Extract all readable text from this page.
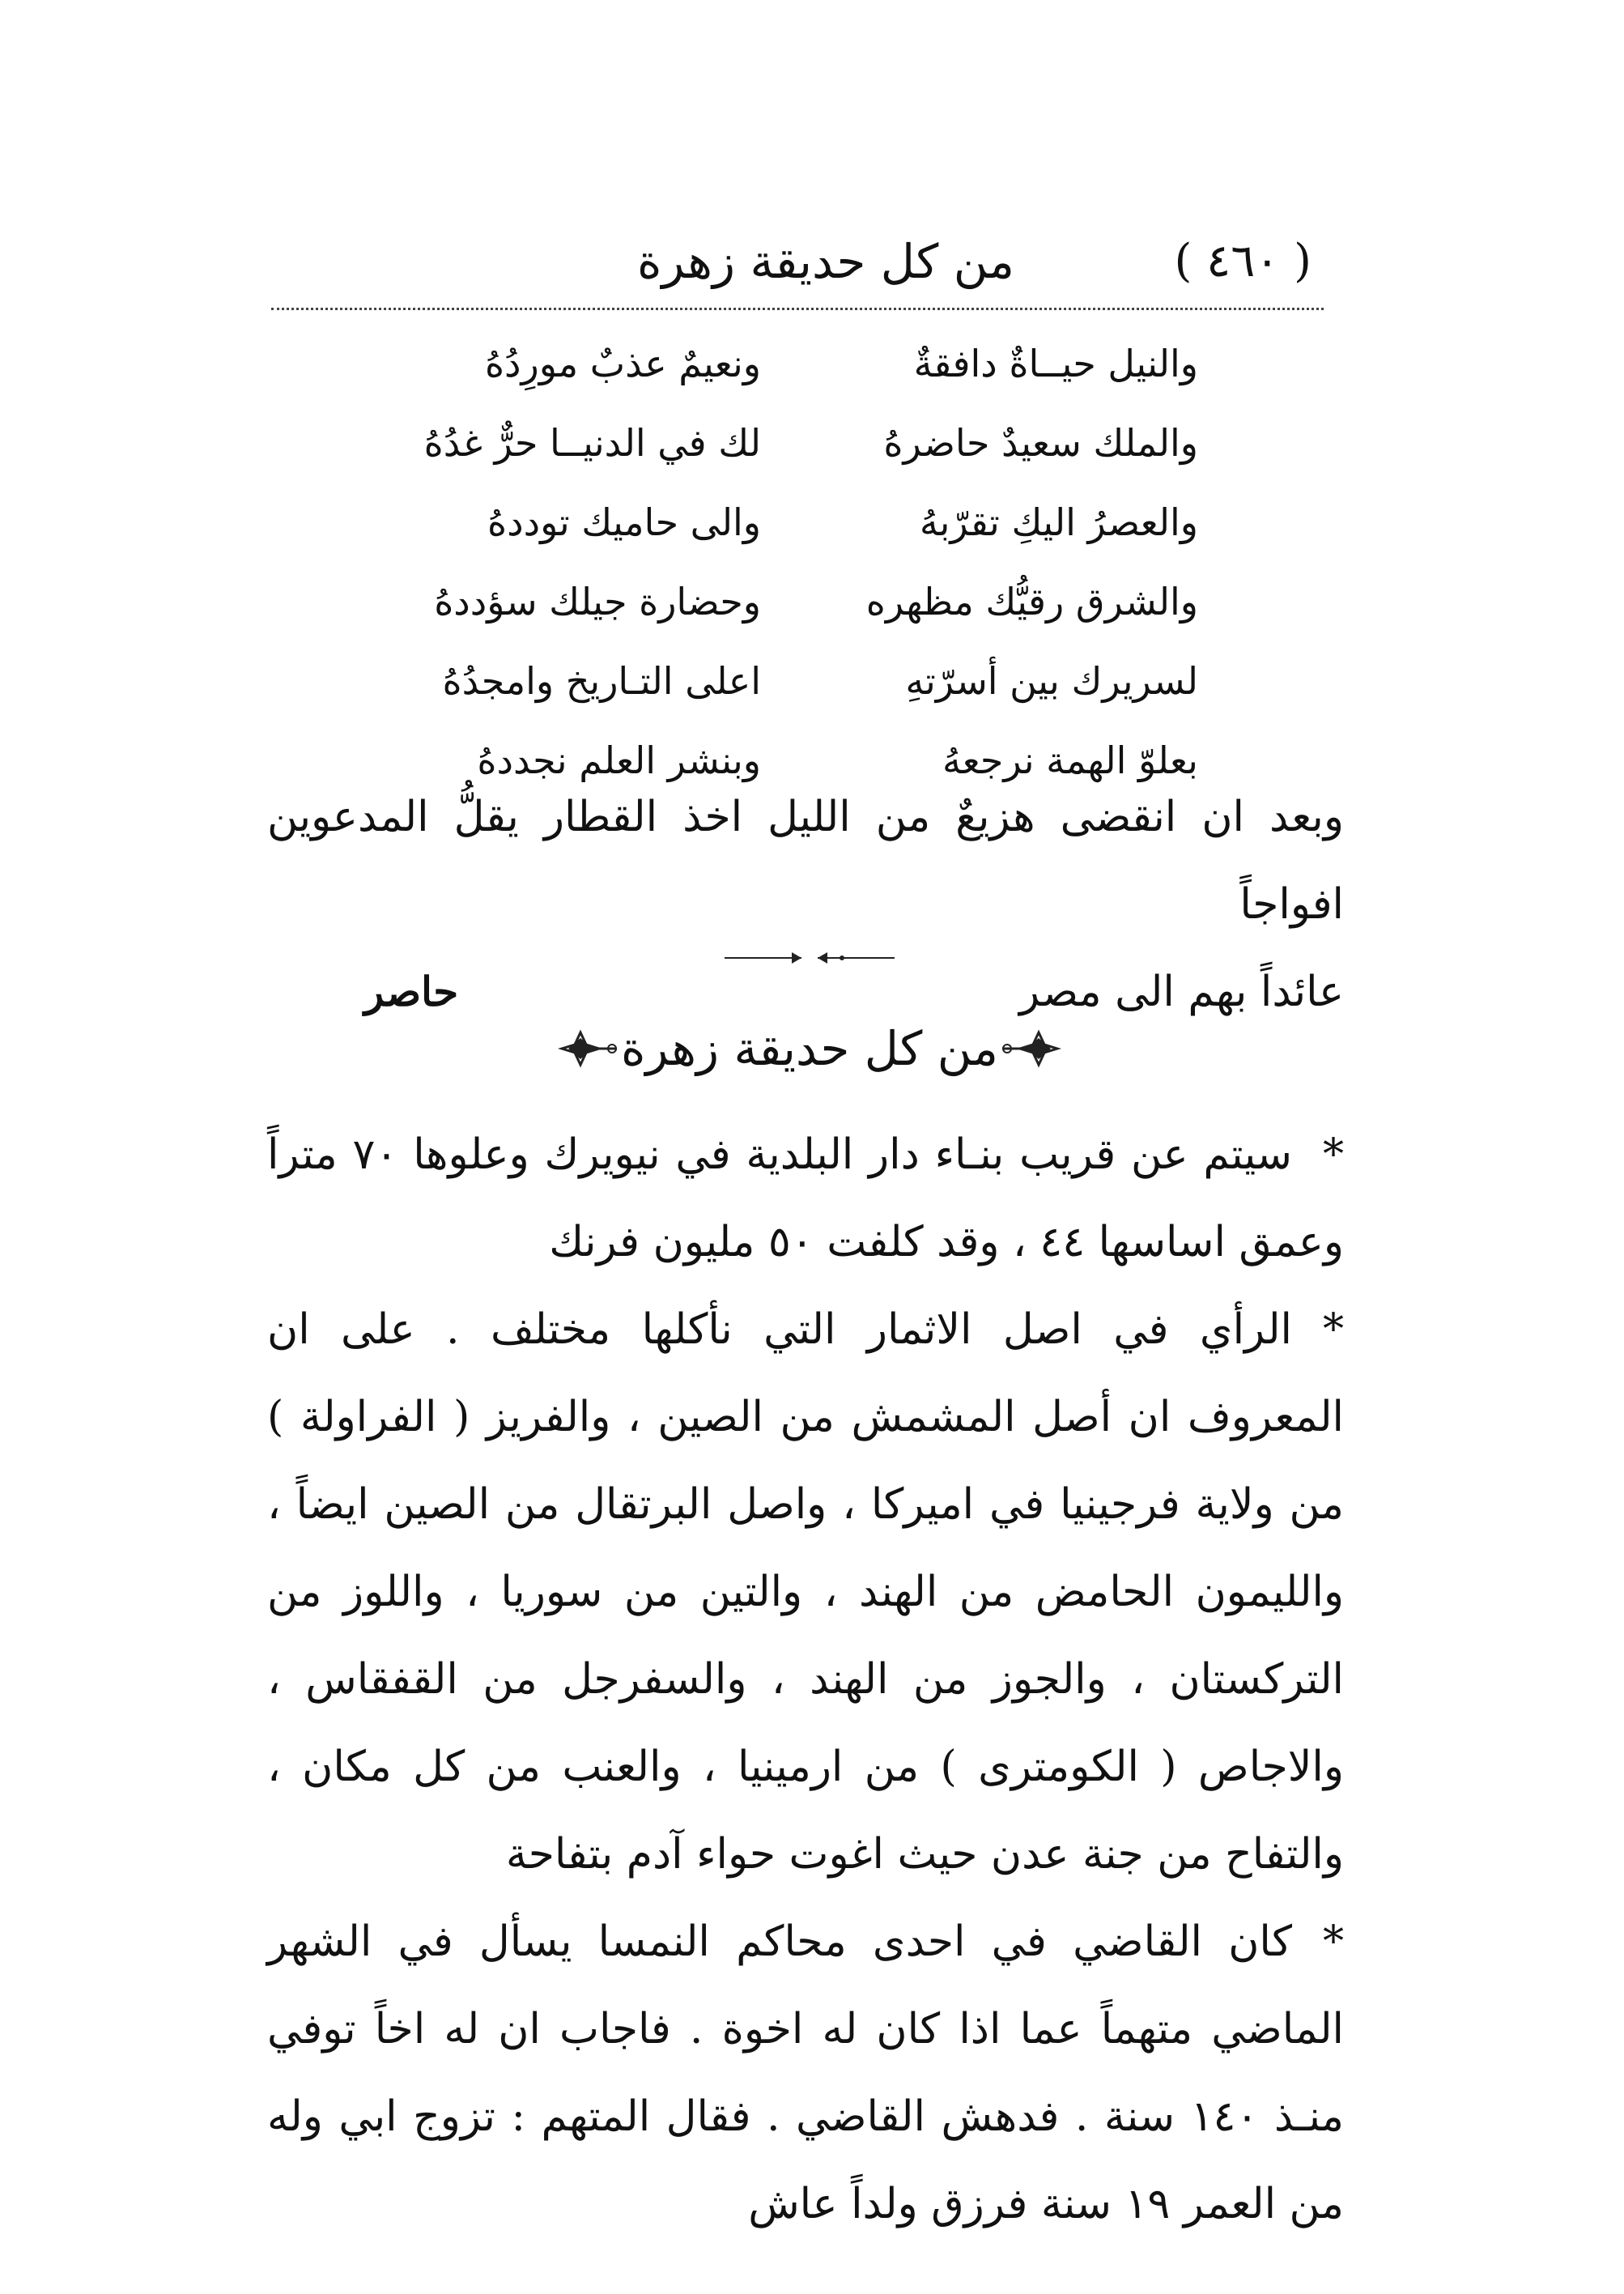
( ٤٦٠ )
من كل حديقة زهرة
والنيل حيــاةٌ دافقةٌ
ونعيمٌ عذبٌ مورِدُهُ
والملك سعيدٌ حاضرهُ
لك في الدنيــا حرٌّ غدُهُ
والعصرُ اليكِ تقرّبهُ
والى حاميك توددهُ
والشرق رقيُّك مظهره
وحضارة جيلك سؤددهُ
لسريرك بين أسرّتهِ
اعلى التـاريخ وامجدُهُ
بعلوّ الهمة نرجعهُ
وبنشر العلم نجددهُ

وبعد ان انقضى هزيعٌ من الليل اخذ القطار يقلُّ المدعوين افواجاً

عائداً بهم الى مصر
حاصر
من كل حديقة زهرة

*سيتم عن قريب بنـاء دار البلدية في نيويرك وعلوها ٧٠ متراً وعمق اساسها ٤٤ ، وقد كلفت ٥٠ مليون فرنك

*الرأي في اصل الاثمار التي نأكلها مختلف . على ان المعروف ان أصل المشمش من الصين ، والفريز ( الفراولة ) من ولاية فرجينيا في اميركا ، واصل البرتقال من الصين ايضاً ، والليمون الحامض من الهند ، والتين من سوريا ، واللوز من التركستان ، والجوز من الهند ، والسفرجل من القفقاس ، والاجاص ( الكومترى ) من ارمينيا ، والعنب من كل مكان ، والتفاح من جنة عدن حيث اغوت حواء آدم بتفاحة

*كان القاضي في احدى محاكم النمسا يسأل في الشهر الماضي متهماً عما اذا كان له اخوة . فاجاب ان له اخاً توفي منـذ ١٤٠ سنة . فدهش القاضي . فقال المتهم : تزوج ابي وله من العمر ١٩ سنة فرزق ولداً عاش
